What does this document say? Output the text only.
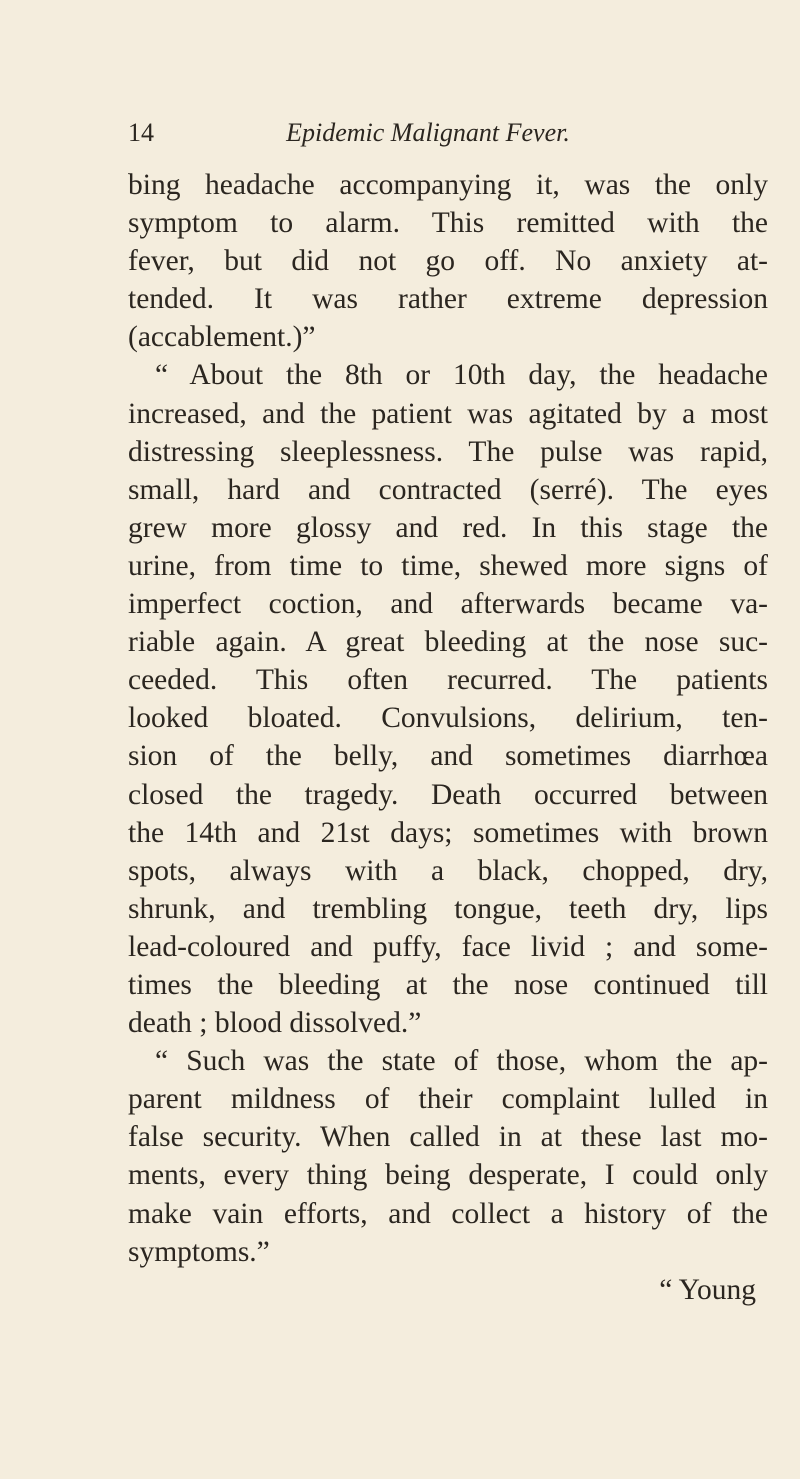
14	Epidemic Malignant Fever.
bing headache accompanying it, was the only
symptom to alarm. This remitted with the
fever, but did not go off. No anxiety at-
tended. It was rather extreme depression
(accablement.)”
“ About the 8th or 10th day, the headache
increased, and the patient was agitated by a most
distressing sleeplessness. The pulse was rapid,
small, hard and contracted (serré). The eyes
grew more glossy and red. In this stage the
urine, from time to time, shewed more signs of
imperfect coction, and afterwards became va-
riable again. A great bleeding at the nose suc-
ceeded. This often recurred. The patients
looked bloated. Convulsions, delirium, ten-
sion of the belly, and sometimes diarrhœa
closed the tragedy. Death occurred between
the 14th and 21st days; sometimes with brown
spots, always with a black, chopped, dry,
shrunk, and trembling tongue, teeth dry, lips
lead-coloured and puffy, face livid ; and some-
times the bleeding at the nose continued till
death ; blood dissolved.”
“ Such was the state of those, whom the ap-
parent mildness of their complaint lulled in
false security. When called in at these last mo-
ments, every thing being desperate, I could only
make vain efforts, and collect a history of the
symptoms.”
“ Young
